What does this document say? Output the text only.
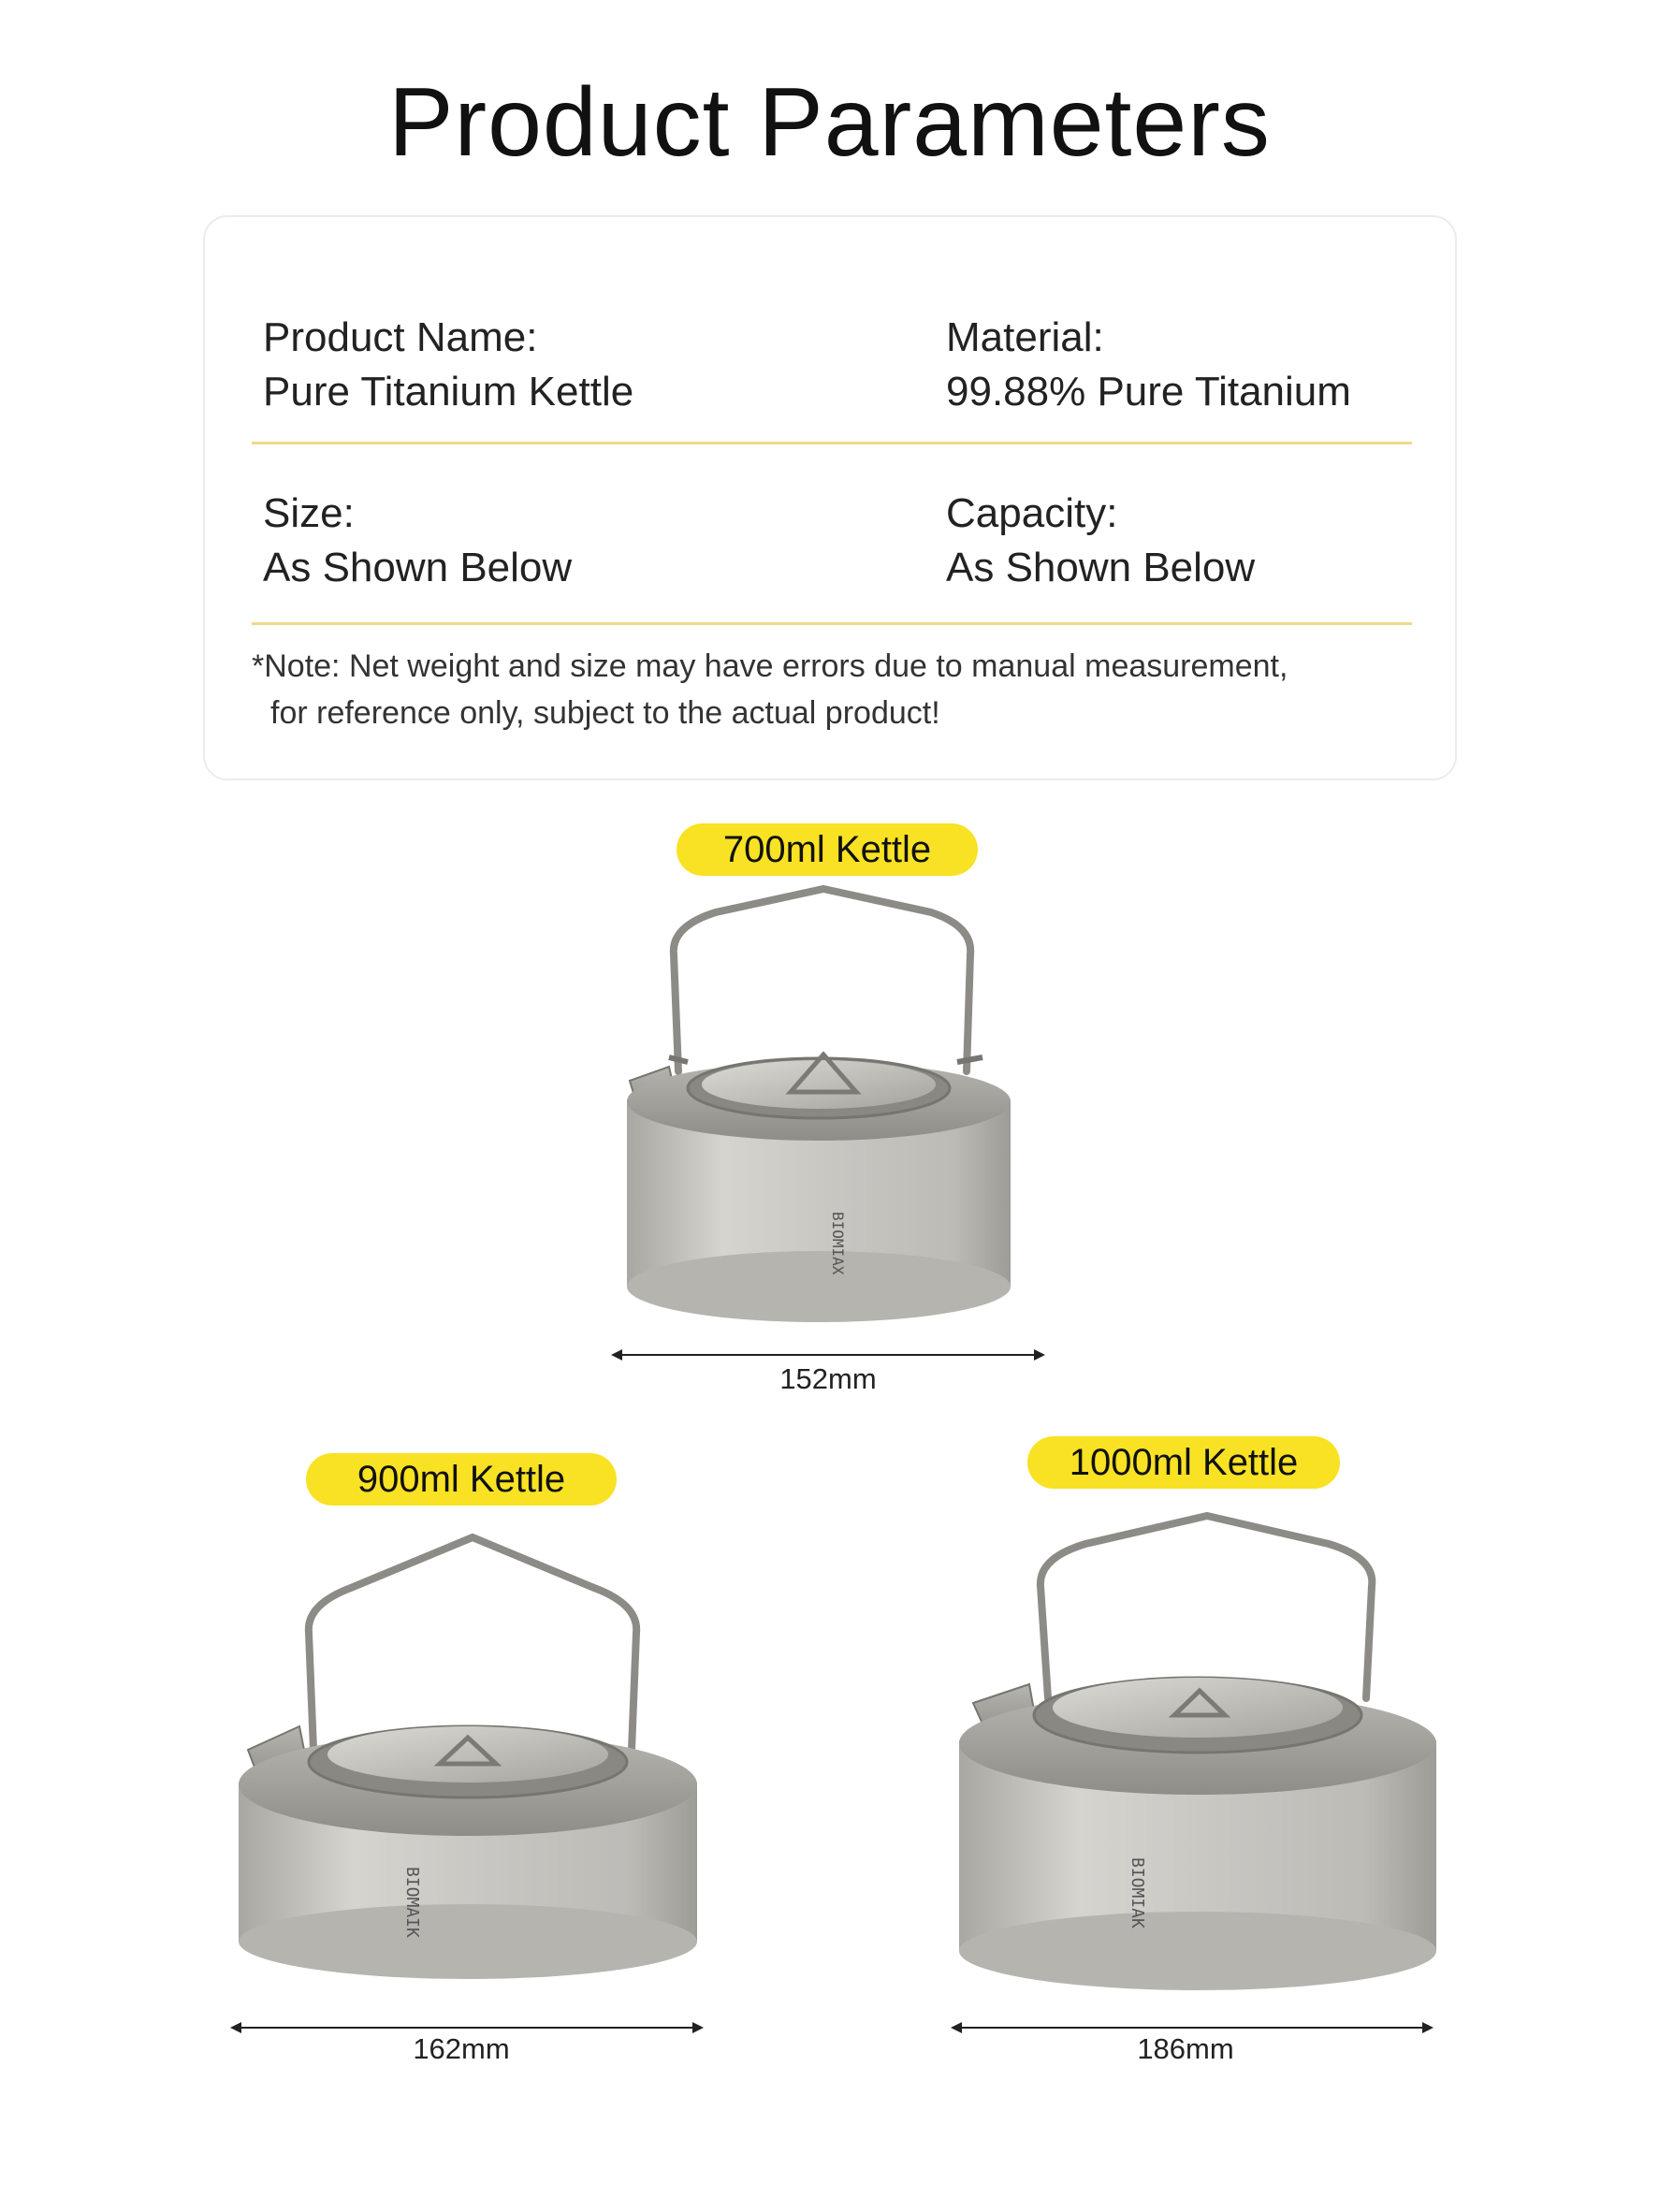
Product Parameters
Product Name:
Pure Titanium Kettle
Material:
99.88% Pure Titanium
Size:
As Shown Below
Capacity:
As Shown Below
*Note: Net weight and size may have errors due to manual measurement,
for reference only, subject to the actual product!
700ml Kettle
BIOMIAX
152mm
900ml Kettle
BIOMAIK
162mm
1000ml Kettle
BIOMIAK
186mm
